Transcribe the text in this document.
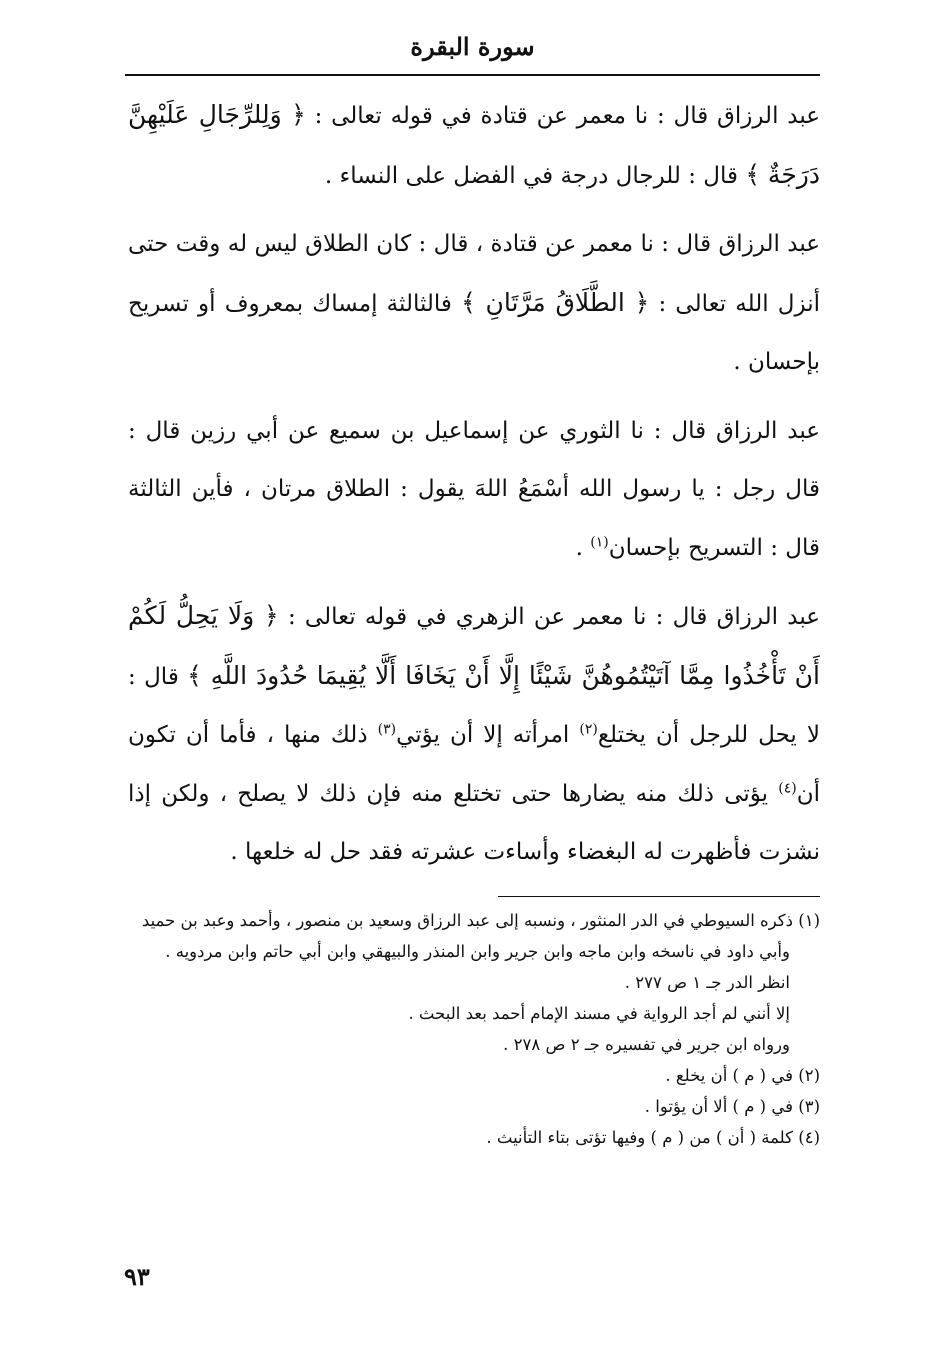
سورة البقرة

عبد الرزاق قال : نا معمر عن قتادة في قوله تعالى : ﴿ وَلِلرِّجَالِ عَلَيْهِنَّ دَرَجَةٌ ﴾ قال : للرجال درجة في الفضل على النساء .

عبد الرزاق قال : نا معمر عن قتادة ، قال : كان الطلاق ليس له وقت حتى أنزل الله تعالى : ﴿ الطَّلَاقُ مَرَّتَانِ ﴾ فالثالثة إمساك بمعروف أو تسريح بإحسان .

عبد الرزاق قال : نا الثوري عن إسماعيل بن سميع عن أبي رزين قال : قال رجل : يا رسول الله أسْمَعُ اللهَ يقول : الطلاق مرتان ، فأين الثالثة قال : التسريح بإحسان$^{(١)}$ .

عبد الرزاق قال : نا معمر عن الزهري في قوله تعالى : ﴿ وَلَا يَحِلُّ لَكُمْ أَنْ تَأْخُذُوا مِمَّا آتَيْتُمُوهُنَّ شَيْئًا إِلَّا أَنْ يَخَافَا أَلَّا يُقِيمَا حُدُودَ اللَّهِ ﴾ قال : لا يحل للرجل أن يختلع$^{(٢)}$ امرأته إلا أن يؤتي$^{(٣)}$ ذلك منها ، فأما أن تكون أن$^{(٤)}$ يؤتى ذلك منه يضارها حتى تختلع منه فإن ذلك لا يصلح ، ولكن إذا نشزت فأظهرت له البغضاء وأساءت عشرته فقد حل له خلعها .

(١) ذكره السيوطي في الدر المنثور ، ونسبه إلى عبد الرزاق وسعيد بن منصور ، وأحمد وعبد بن حميد

وأبي داود في ناسخه وابن ماجه وابن جرير وابن المنذر والبيهقي وابن أبي حاتم وابن مردويه .

انظر الدر جـ ١ ص ٢٧٧ .

إلا أنني لم أجد الرواية في مسند الإمام أحمد بعد البحث .

ورواه ابن جرير في تفسيره جـ ٢ ص ٢٧٨ .

(٢) في ( م ) أن يخلع .

(٣) في ( م ) ألا أن يؤتوا .

(٤) كلمة ( أن ) من ( م ) وفيها تؤتى بتاء التأنيث .

٩٣
